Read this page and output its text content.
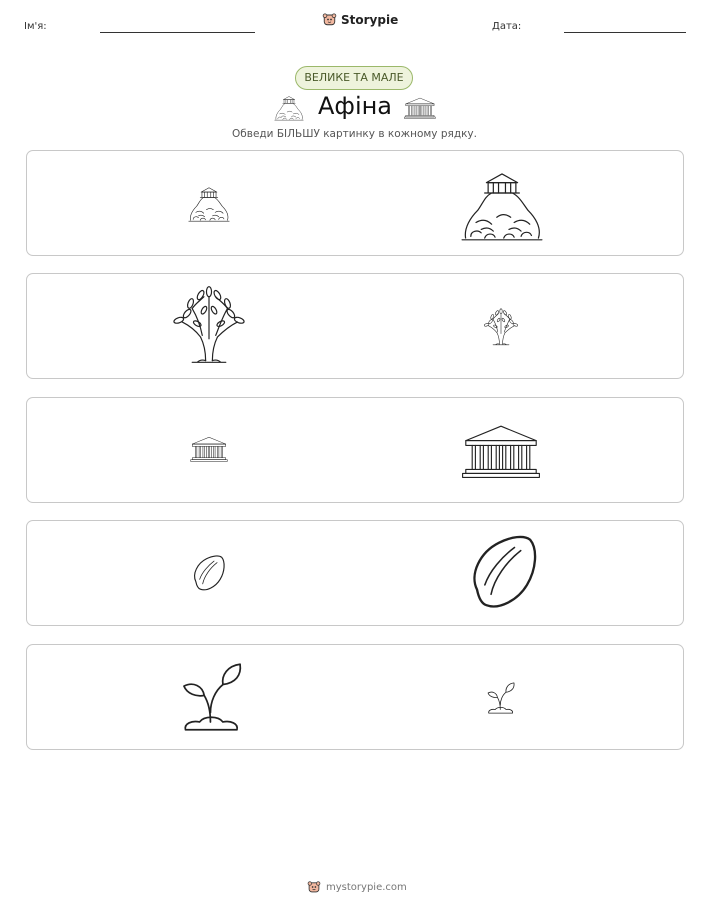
Ім'я:	Storypie	Дата:
ВЕЛИКЕ ТА МАЛЕ
Афіна
Обведи БІЛЬШУ картинку в кожному рядку.
mystorypie.com
